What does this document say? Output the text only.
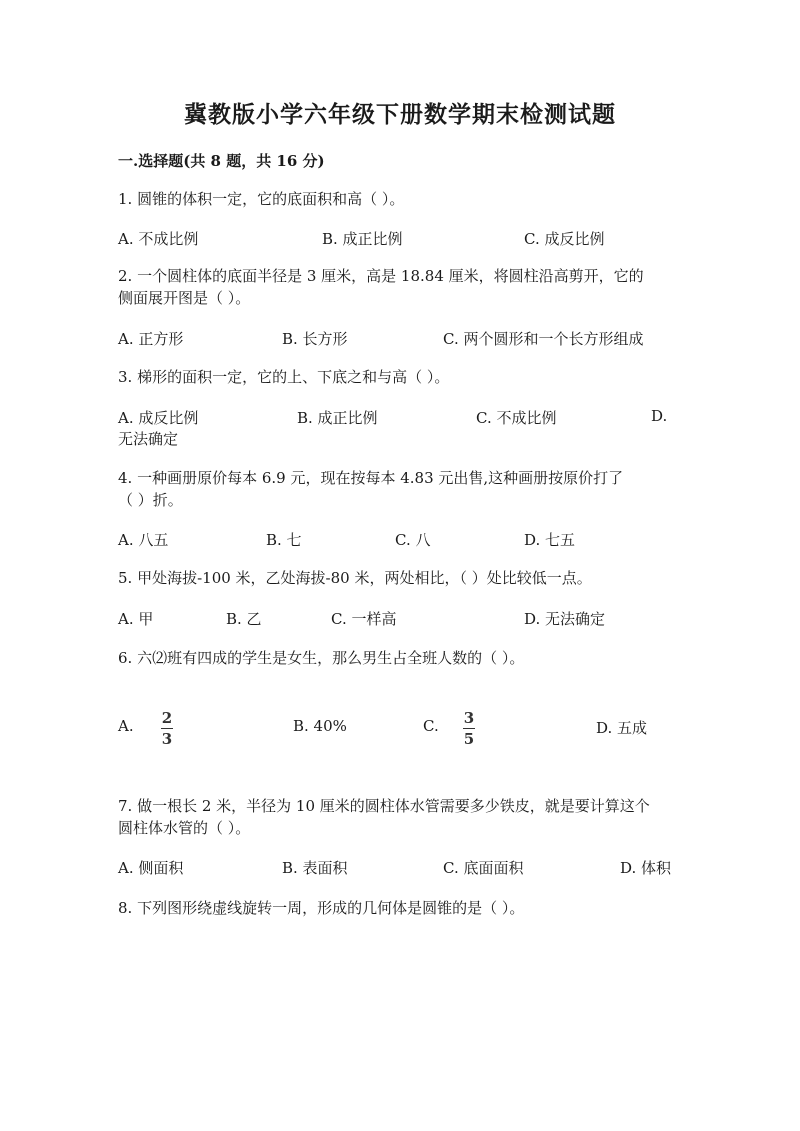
冀教版小学六年级下册数学期末检测试题
一.选择题(共 8 题，共 16 分)
1. 圆锥的体积一定，它的底面积和高（ ）。
A. 不成比例	B. 成正比例	C. 成反比例
2. 一个圆柱体的底面半径是 3 厘米，高是 18.84 厘米，将圆柱沿高剪开，它的
侧面展开图是（ ）。
A. 正方形	B. 长方形	C. 两个圆形和一个长方形组成
3. 梯形的面积一定，它的上、下底之和与高（ ）。
A. 成反比例	B. 成正比例	C. 不成比例	D.
无法确定
4. 一种画册原价每本 6.9 元，现在按每本 4.83 元出售,这种画册按原价打了
（ ）折。
A. 八五	B. 七	C. 八	D. 七五
5. 甲处海拔-100 米，乙处海拔-80 米，两处相比，（ ）处比较低一点。
A. 甲	B. 乙	C. 一样高	D. 无法确定
6. 六⑵班有四成的学生是女生，那么男生占全班人数的（ ）。
A.	2
3
B. 40%	C.	3
5
D. 五成
7. 做一根长 2 米，半径为 10 厘米的圆柱体水管需要多少铁皮，就是要计算这个
圆柱体水管的（ ）。
A. 侧面积	B. 表面积	C. 底面面积	D. 体积
8. 下列图形绕虚线旋转一周，形成的几何体是圆锥的是（ ）。
